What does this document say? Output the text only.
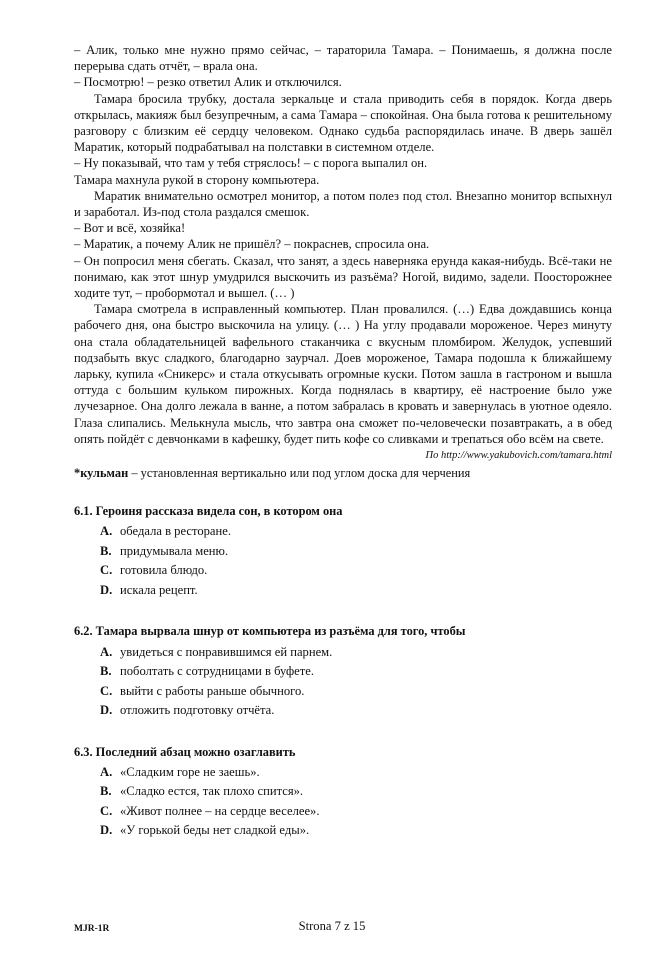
– Алик, только мне нужно прямо сейчас, – тараторила Тамара. – Понимаешь, я должна после перерыва сдать отчёт, – врала она.

– Посмотрю! – резко ответил Алик и отключился.

Тамара бросила трубку, достала зеркальце и стала приводить себя в порядок. Когда дверь открылась, макияж был безупречным, а сама Тамара – спокойная. Она была готова к решительному разговору с близким её сердцу человеком. Однако судьба распорядилась иначе. В дверь зашёл Маратик, который подрабатывал на полставки в системном отделе.

– Ну показывай, что там у тебя стряслось! – с порога выпалил он.

Тамара махнула рукой в сторону компьютера.

Маратик внимательно осмотрел монитор, а потом полез под стол. Внезапно монитор вспыхнул и заработал. Из-под стола раздался смешок.

– Вот и всё, хозяйка!

– Маратик, а почему Алик не пришёл? – покраснев, спросила она.

– Он попросил меня сбегать. Сказал, что занят, а здесь наверняка ерунда какая-нибудь. Всё-таки не понимаю, как этот шнур умудрился выскочить из разъёма? Ногой, видимо, задели. Поосторожнее ходите тут, – пробормотал и вышел. (… )

Тамара смотрела в исправленный компьютер. План провалился. (…) Едва дождавшись конца рабочего дня, она быстро выскочила на улицу. (… ) На углу продавали мороженое. Через минуту она стала обладательницей вафельного стаканчика с вкусным пломбиром. Желудок, успевший подзабыть вкус сладкого, благодарно заурчал. Доев мороженое, Тамара подошла к ближайшему ларьку, купила «Сникерс» и стала откусывать огромные куски. Потом зашла в гастроном и вышла оттуда с большим кульком пирожных. Когда поднялась в квартиру, её настроение было уже лучезарное. Она долго лежала в ванне, а потом забралась в кровать и завернулась в уютное одеяло. Глаза слипались. Мелькнула мысль, что завтра она сможет по-человечески позавтракать, а в обед опять пойдёт с девчонками в кафешку, будет пить кофе со сливками и трепаться обо всём на свете.

По http://www.yakubovich.com/tamara.html

*кульман – установленная вертикально или под углом доска для черчения

6.1. Героиня рассказа видела сон, в котором она
A. обедала в ресторане.
B. придумывала меню.
C. готовила блюдо.
D. искала рецепт.
6.2. Тамара вырвала шнур от компьютера из разъёма для того, чтобы
A. увидеться с понравившимся ей парнем.
B. поболтать с сотрудницами в буфете.
C. выйти с работы раньше обычного.
D. отложить подготовку отчёта.
6.3. Последний абзац можно озаглавить
A. «Сладким горе не заешь».
B. «Сладко естся, так плохо спится».
C. «Живот полнее – на сердце веселее».
D. «У горькой беды нет сладкой еды».
MJR-1R	Strona 7 z 15
